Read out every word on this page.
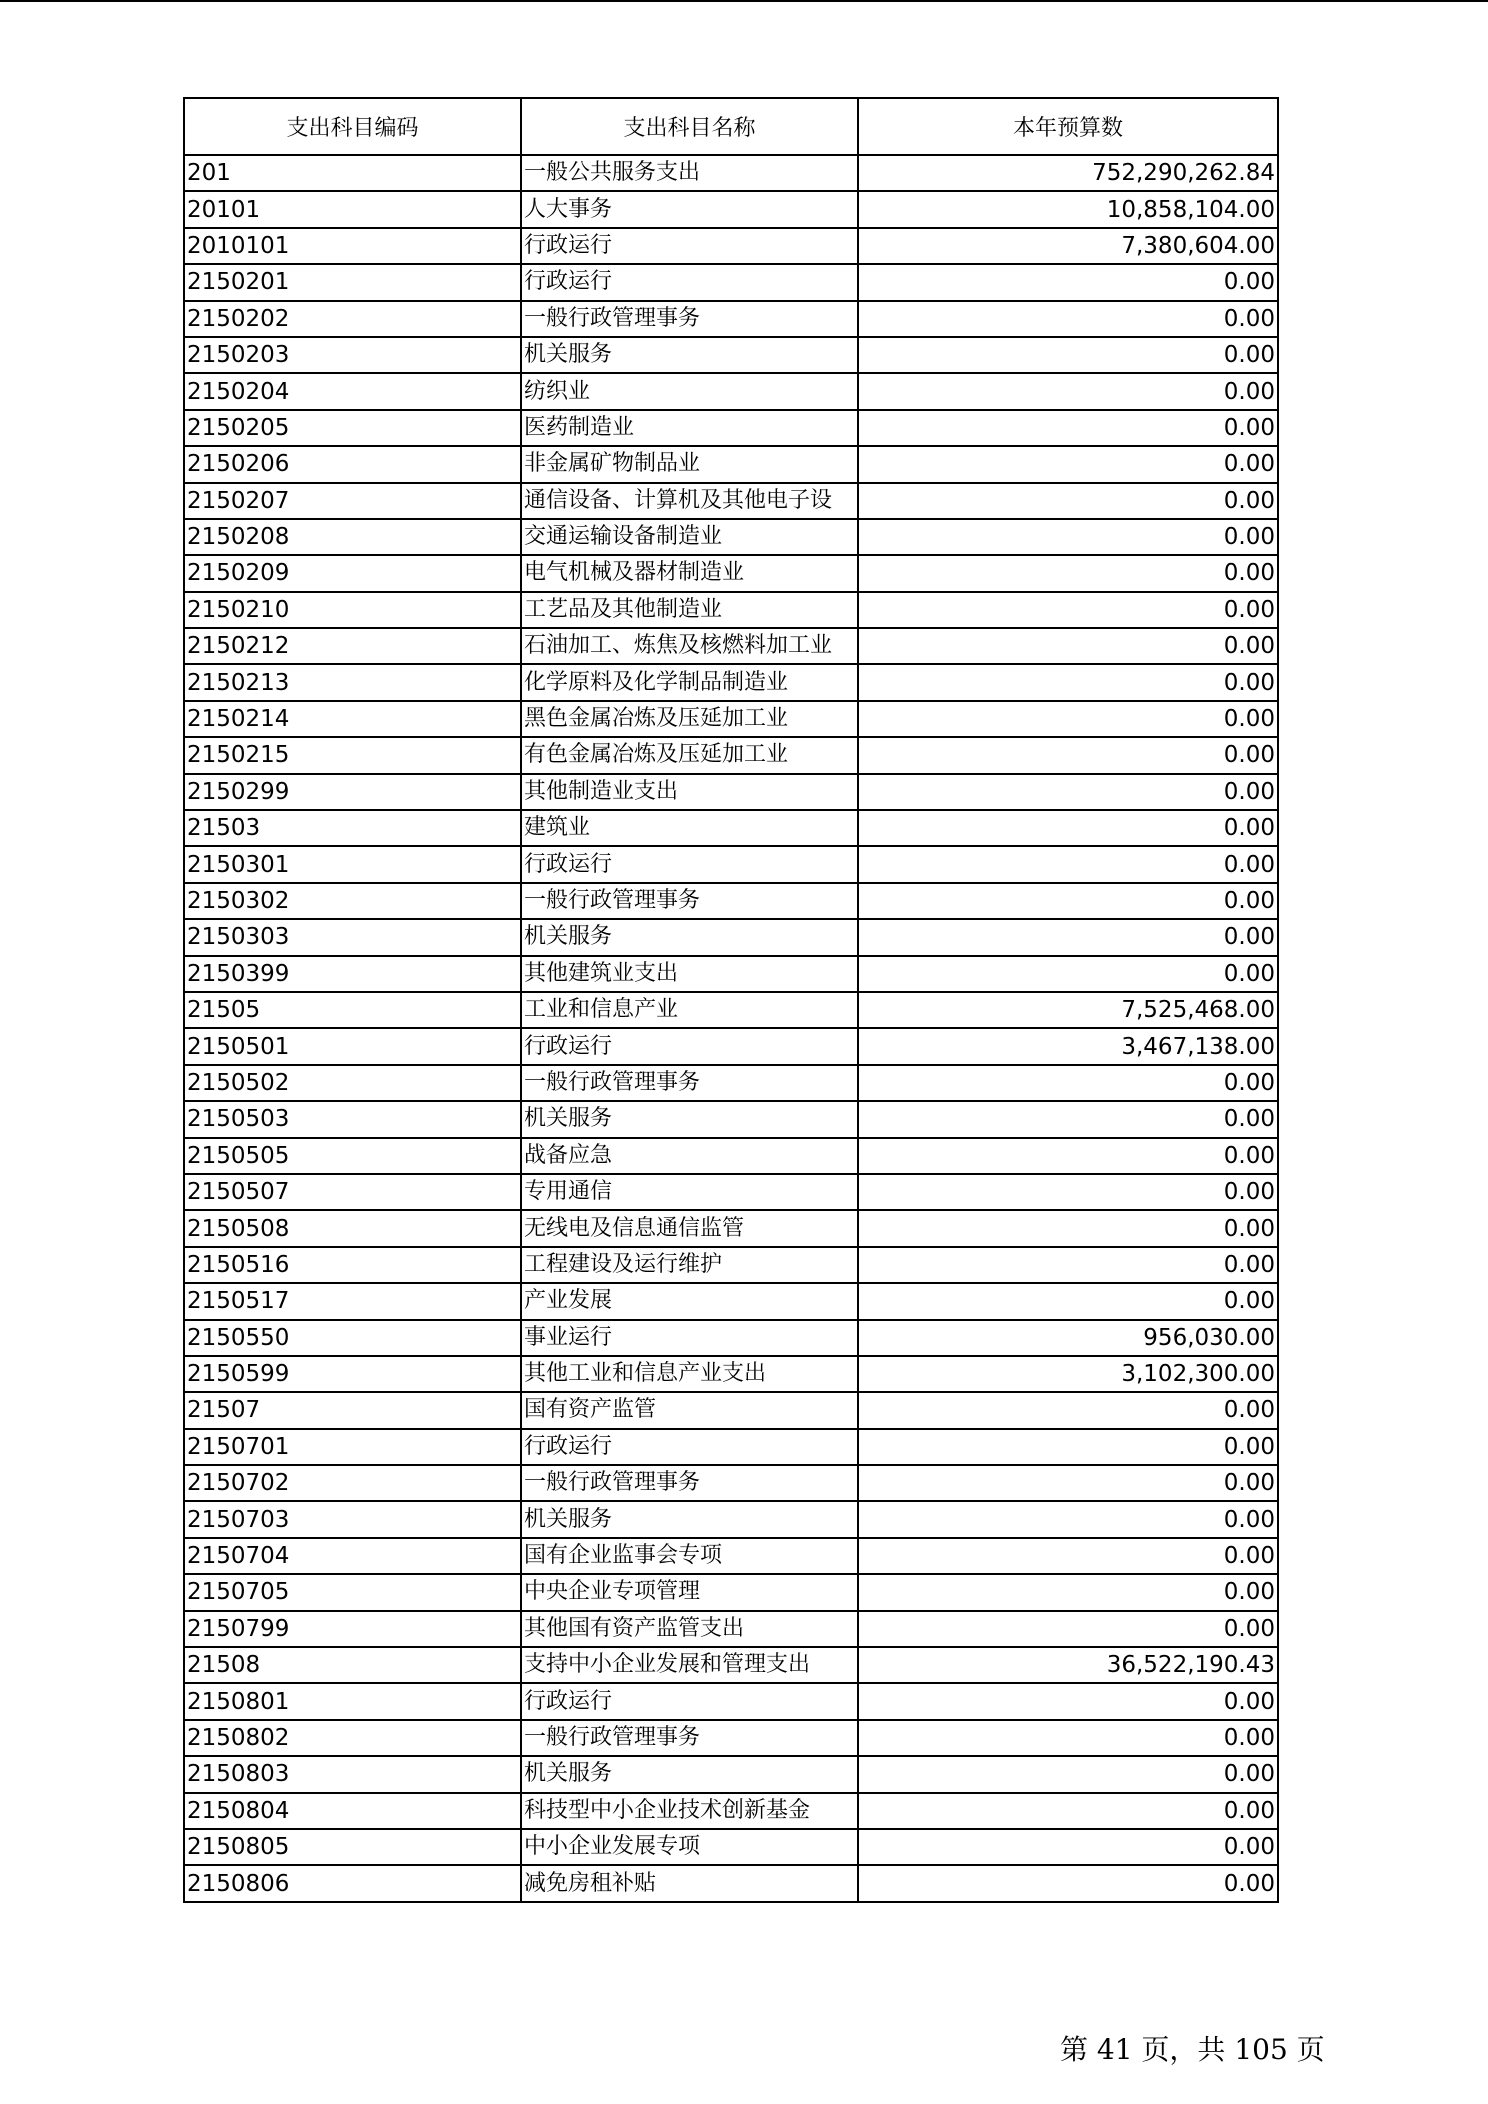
支出科目编码	支出科目名称	本年预算数
201	一般公共服务支出	752,290,262.84
20101	人大事务	10,858,104.00
2010101	行政运行	7,380,604.00
2150201	行政运行	0.00
2150202	一般行政管理事务	0.00
2150203	机关服务	0.00
2150204	纺织业	0.00
2150205	医药制造业	0.00
2150206	非金属矿物制品业	0.00
2150207	通信设备、计算机及其他电子设	0.00
2150208	交通运输设备制造业	0.00
2150209	电气机械及器材制造业	0.00
2150210	工艺品及其他制造业	0.00
2150212	石油加工、炼焦及核燃料加工业	0.00
2150213	化学原料及化学制品制造业	0.00
2150214	黑色金属冶炼及压延加工业	0.00
2150215	有色金属冶炼及压延加工业	0.00
2150299	其他制造业支出	0.00
21503	建筑业	0.00
2150301	行政运行	0.00
2150302	一般行政管理事务	0.00
2150303	机关服务	0.00
2150399	其他建筑业支出	0.00
21505	工业和信息产业	7,525,468.00
2150501	行政运行	3,467,138.00
2150502	一般行政管理事务	0.00
2150503	机关服务	0.00
2150505	战备应急	0.00
2150507	专用通信	0.00
2150508	无线电及信息通信监管	0.00
2150516	工程建设及运行维护	0.00
2150517	产业发展	0.00
2150550	事业运行	956,030.00
2150599	其他工业和信息产业支出	3,102,300.00
21507	国有资产监管	0.00
2150701	行政运行	0.00
2150702	一般行政管理事务	0.00
2150703	机关服务	0.00
2150704	国有企业监事会专项	0.00
2150705	中央企业专项管理	0.00
2150799	其他国有资产监管支出	0.00
21508	支持中小企业发展和管理支出	36,522,190.43
2150801	行政运行	0.00
2150802	一般行政管理事务	0.00
2150803	机关服务	0.00
2150804	科技型中小企业技术创新基金	0.00
2150805	中小企业发展专项	0.00
2150806	减免房租补贴	0.00
第 41 页，共 105 页
